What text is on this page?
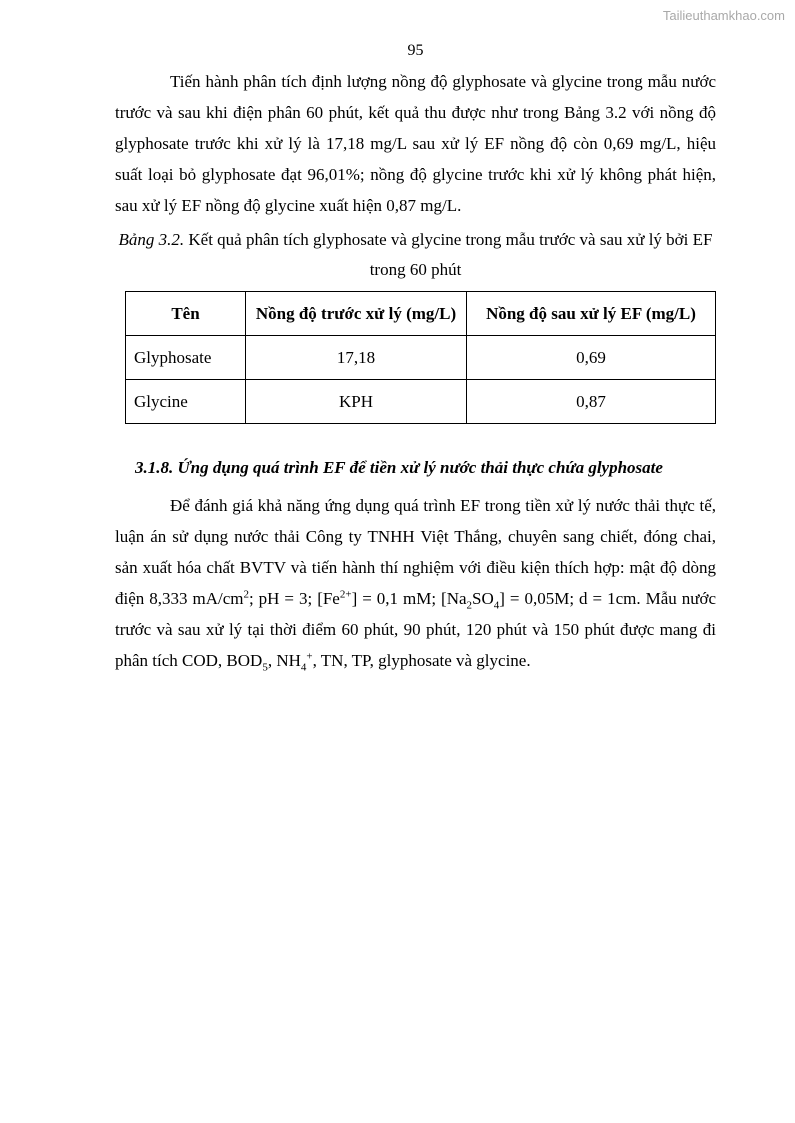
Tailieuthamkhao.com
95

Tiến hành phân tích định lượng nồng độ glyphosate và glycine trong mẫu nước trước và sau khi điện phân 60 phút, kết quả thu được như trong Bảng 3.2 với nồng độ glyphosate trước khi xử lý là 17,18 mg/L sau xử lý EF nồng độ còn 0,69 mg/L, hiệu suất loại bỏ glyphosate đạt 96,01%; nồng độ glycine trước khi xử lý không phát hiện, sau xử lý EF nồng độ glycine xuất hiện 0,87 mg/L.

Bảng 3.2. Kết quả phân tích glyphosate và glycine trong mẫu trước và sau xử lý bởi EF trong 60 phút

Tên	Nồng độ trước xử lý (mg/L)	Nồng độ sau xử lý EF (mg/L)
Glyphosate	17,18	0,69
Glycine	KPH	0,87
3.1.8. Ứng dụng quá trình EF để tiền xử lý nước thải thực chứa glyphosate

Để đánh giá khả năng ứng dụng quá trình EF trong tiền xử lý nước thải thực tế, luận án sử dụng nước thải Công ty TNHH Việt Thắng, chuyên sang chiết, đóng chai, sản xuất hóa chất BVTV và tiến hành thí nghiệm với điều kiện thích hợp: mật độ dòng điện 8,333 $mA/cm^2$; pH = 3; $[Fe^{2+}] = 0,1$ mM; $[Na_2SO_4] = 0,05M$; d = 1cm. Mẫu nước trước và sau xử lý tại thời điểm 60 phút, 90 phút, 120 phút và 150 phút được mang đi phân tích COD, $BOD_5$, $NH_4^+$, TN, TP, glyphosate và glycine.
